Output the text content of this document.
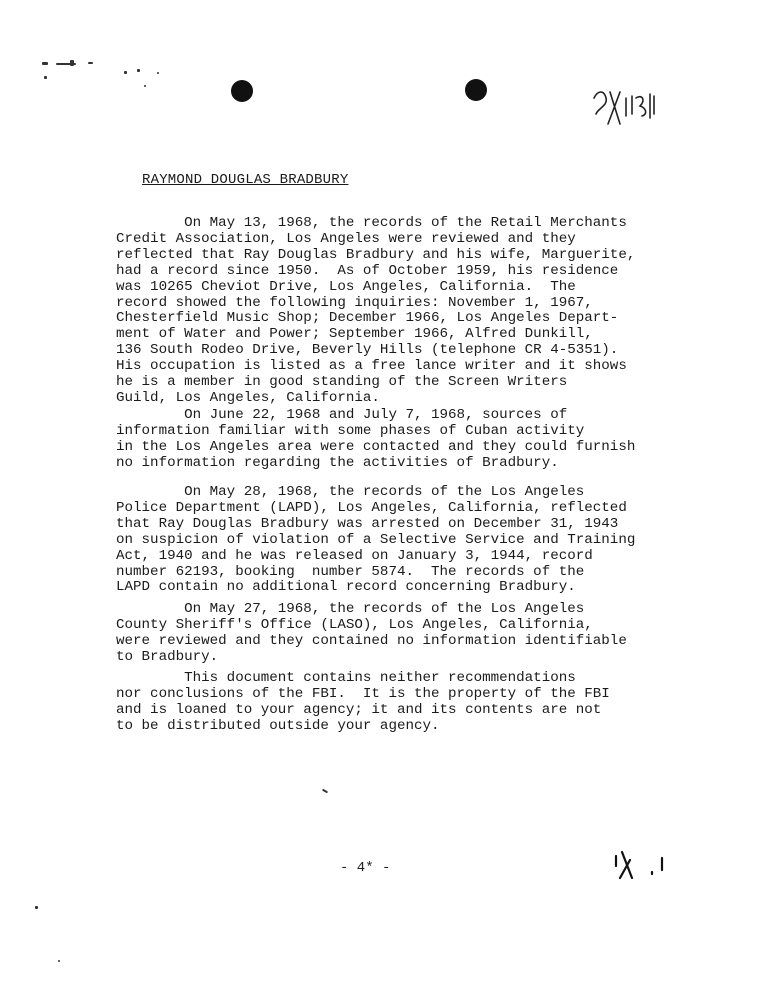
RAYMOND DOUGLAS BRADBURY

On May 13, 1968, the records of the Retail Merchants
Credit Association, Los Angeles were reviewed and they
reflected that Ray Douglas Bradbury and his wife, Marguerite,
had a record since 1950.  As of October 1959, his residence
was 10265 Cheviot Drive, Los Angeles, California.  The
record showed the following inquiries: November 1, 1967,
Chesterfield Music Shop; December 1966, Los Angeles Depart-
ment of Water and Power; September 1966, Alfred Dunkill,
136 South Rodeo Drive, Beverly Hills (telephone CR 4-5351).
His occupation is listed as a free lance writer and it shows
he is a member in good standing of the Screen Writers
Guild, Los Angeles, California.

On June 22, 1968 and July 7, 1968, sources of
information familiar with some phases of Cuban activity
in the Los Angeles area were contacted and they could furnish
no information regarding the activities of Bradbury.

On May 28, 1968, the records of the Los Angeles
Police Department (LAPD), Los Angeles, California, reflected
that Ray Douglas Bradbury was arrested on December 31, 1943
on suspicion of violation of a Selective Service and Training
Act, 1940 and he was released on January 3, 1944, record
number 62193, booking  number 5874.  The records of the
LAPD contain no additional record concerning Bradbury.

On May 27, 1968, the records of the Los Angeles
County Sheriff's Office (LASO), Los Angeles, California,
were reviewed and they contained no information identifiable
to Bradbury.

This document contains neither recommendations
nor conclusions of the FBI.  It is the property of the FBI
and is loaned to your agency; it and its contents are not
to be distributed outside your agency.

- 4* -
